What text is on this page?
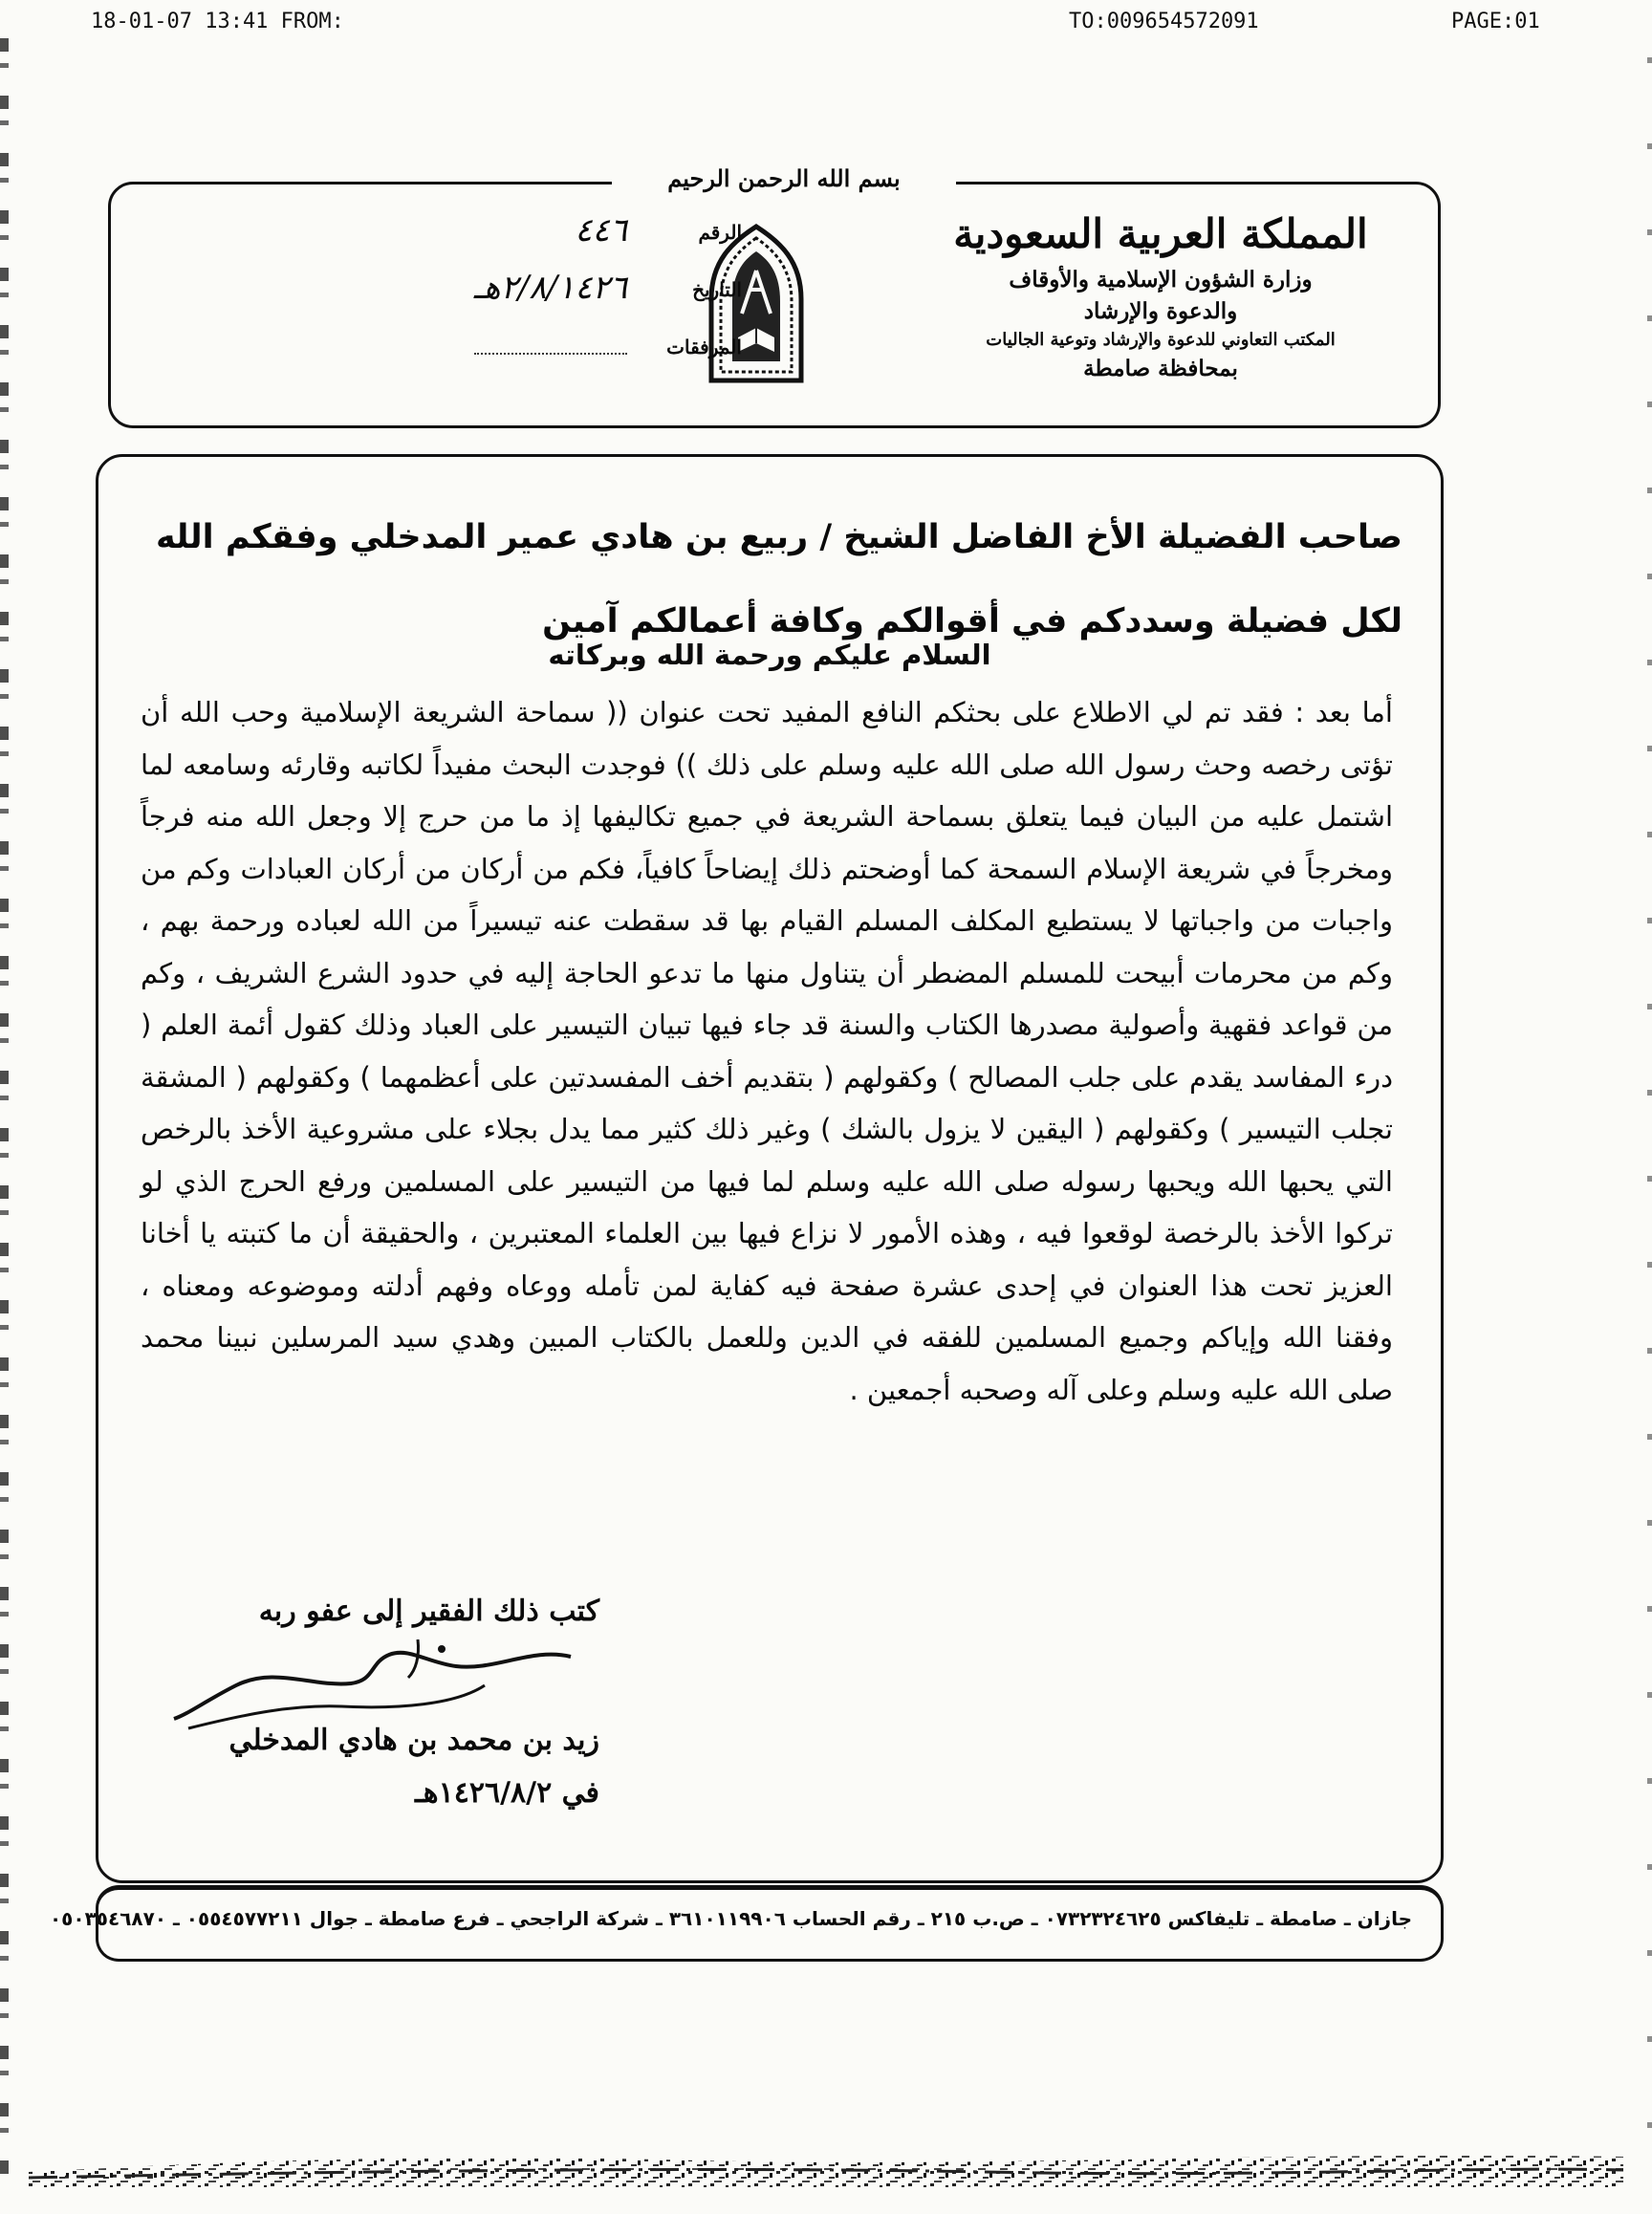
18-01-07 13:41 FROM:	TO:009654572091	PAGE:01
بسم الله الرحمن الرحيم
المملكة العربية السعودية
وزارة الشؤون الإسلامية والأوقاف
والدعوة والإرشاد
المكتب التعاوني للدعوة والإرشاد وتوعية الجاليات
بمحافظة صامطة
الرقم
٤٤٦
التاريخ
٢/٨/١٤٢٦هـ
المرفقات
صاحب الفضيلة الأخ الفاضل الشيخ / ربيع بن هادي عمير المدخلي وفقكم الله
لكل فضيلة وسددكم في أقوالكم وكافة أعمالكم آمين
السلام عليكم ورحمة الله وبركاته
أما بعد : فقد تم لي الاطلاع على بحثكم النافع المفيد تحت عنوان (( سماحة الشريعة الإسلامية وحب الله أن تؤتى رخصه وحث رسول الله صلى الله عليه وسلم على ذلك )) فوجدت البحث مفيداً لكاتبه وقارئه وسامعه لما اشتمل عليه من البيان فيما يتعلق بسماحة الشريعة في جميع تكاليفها إذ ما من حرج إلا وجعل الله منه فرجاً ومخرجاً في شريعة الإسلام السمحة كما أوضحتم ذلك إيضاحاً كافياً، فكم من أركان من أركان العبادات وكم من واجبات من واجباتها لا يستطيع المكلف المسلم القيام بها قد سقطت عنه تيسيراً من الله لعباده ورحمة بهم ، وكم من محرمات أبيحت للمسلم المضطر أن يتناول منها ما تدعو الحاجة إليه في حدود الشرع الشريف ، وكم من قواعد فقهية وأصولية مصدرها الكتاب والسنة قد جاء فيها تبيان التيسير على العباد وذلك كقول أئمة العلم ( درء المفاسد يقدم على جلب المصالح ) وكقولهم ( بتقديم أخف المفسدتين على أعظمهما ) وكقولهم ( المشقة تجلب التيسير ) وكقولهم ( اليقين لا يزول بالشك ) وغير ذلك كثير مما يدل بجلاء على مشروعية الأخذ بالرخص التي يحبها الله ويحبها رسوله صلى الله عليه وسلم لما فيها من التيسير على المسلمين ورفع الحرج الذي لو تركوا الأخذ بالرخصة لوقعوا فيه ، وهذه الأمور لا نزاع فيها بين العلماء المعتبرين ، والحقيقة أن ما كتبته يا أخانا العزيز تحت هذا العنوان في إحدى عشرة صفحة فيه كفاية لمن تأمله ووعاه وفهم أدلته وموضوعه ومعناه ، وفقنا الله وإياكم وجميع المسلمين للفقه في الدين وللعمل بالكتاب المبين وهدي سيد المرسلين نبينا محمد صلى الله عليه وسلم وعلى آله وصحبه أجمعين .
كتب ذلك الفقير إلى عفو ربه
زيد بن محمد بن هادي المدخلي
في ١٤٢٦/٨/٢هـ
جازان ـ صامطة ـ تليفاكس ٠٧٣٢٣٢٤٦٢٥ ـ ص.ب ٢١٥ ـ رقم الحساب ٣٦١٠١١٩٩٠٦ ـ شركة الراجحي ـ فرع صامطة ـ جوال ٠٥٥٤٥٧٧٢١١ ـ ٠٥٠٣٥٤٦٨٧٠
